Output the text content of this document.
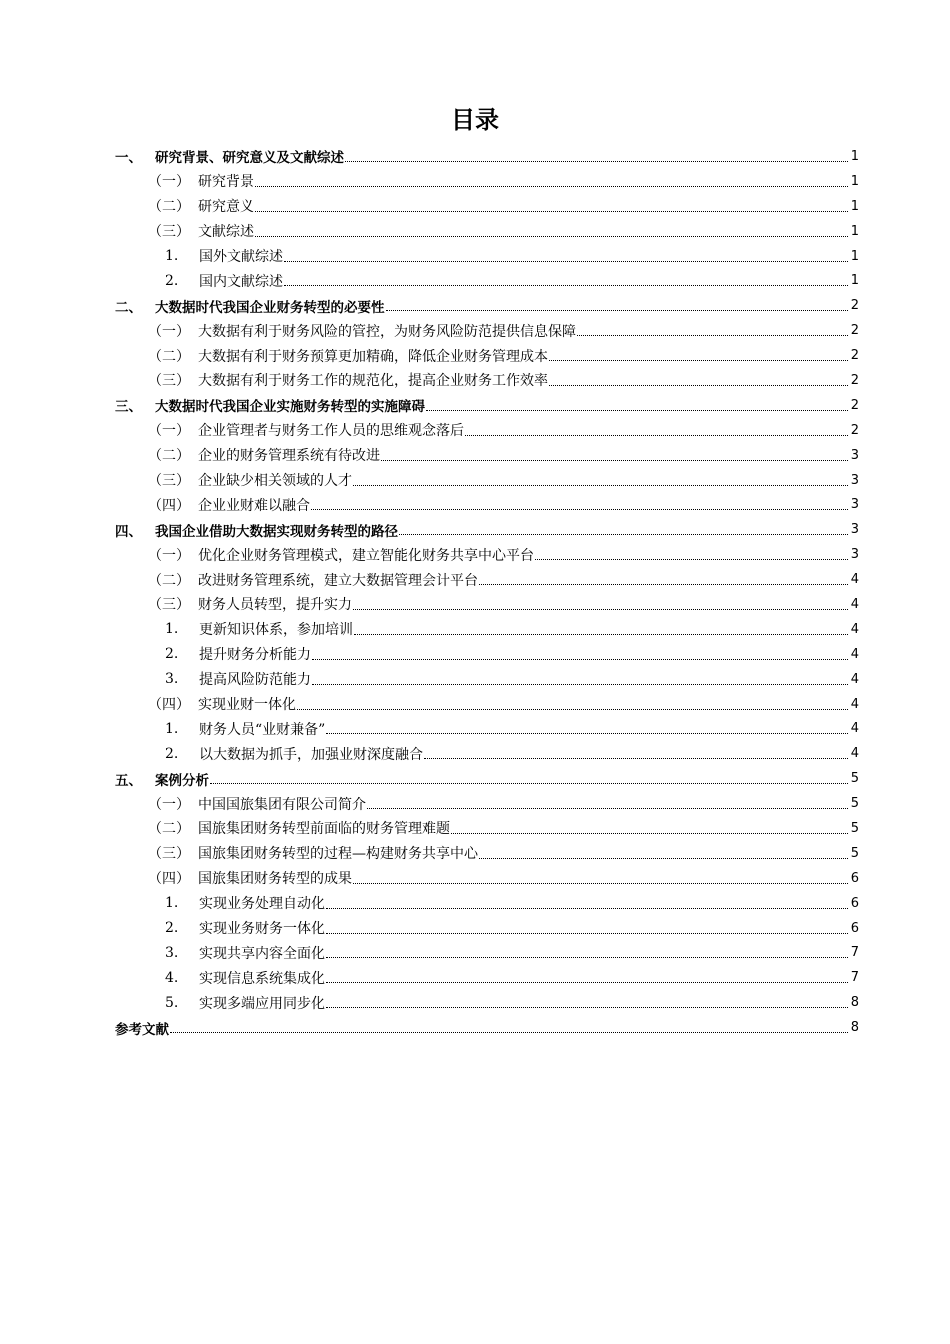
目录
一、 研究背景、研究意义及文献综述	1
（一） 研究背景	1
（二） 研究意义	1
（三） 文献综述	1
1.	国外文献综述	1
2.	国内文献综述	1
二、 大数据时代我国企业财务转型的必要性	2
（一） 大数据有利于财务风险的管控，为财务风险防范提供信息保障	2
（二） 大数据有利于财务预算更加精确，降低企业财务管理成本	2
（三） 大数据有利于财务工作的规范化，提高企业财务工作效率	2
三、 大数据时代我国企业实施财务转型的实施障碍	2
（一） 企业管理者与财务工作人员的思维观念落后	2
（二） 企业的财务管理系统有待改进	3
（三） 企业缺少相关领域的人才	3
（四） 企业业财难以融合	3
四、 我国企业借助大数据实现财务转型的路径	3
（一） 优化企业财务管理模式，建立智能化财务共享中心平台	3
（二） 改进财务管理系统，建立大数据管理会计平台	4
（三） 财务人员转型，提升实力	4
1.	更新知识体系，参加培训	4
2.	提升财务分析能力	4
3.	提高风险防范能力	4
（四） 实现业财一体化	4
1.	财务人员“业财兼备”	4
2.	以大数据为抓手，加强业财深度融合	4
五、 案例分析	5
（一） 中国国旅集团有限公司简介	5
（二） 国旅集团财务转型前面临的财务管理难题	5
（三） 国旅集团财务转型的过程—构建财务共享中心	5
（四） 国旅集团财务转型的成果	6
1.	实现业务处理自动化	6
2.	实现业务财务一体化	6
3.	实现共享内容全面化	7
4.	实现信息系统集成化	7
5.	实现多端应用同步化	8
参考文献	8
